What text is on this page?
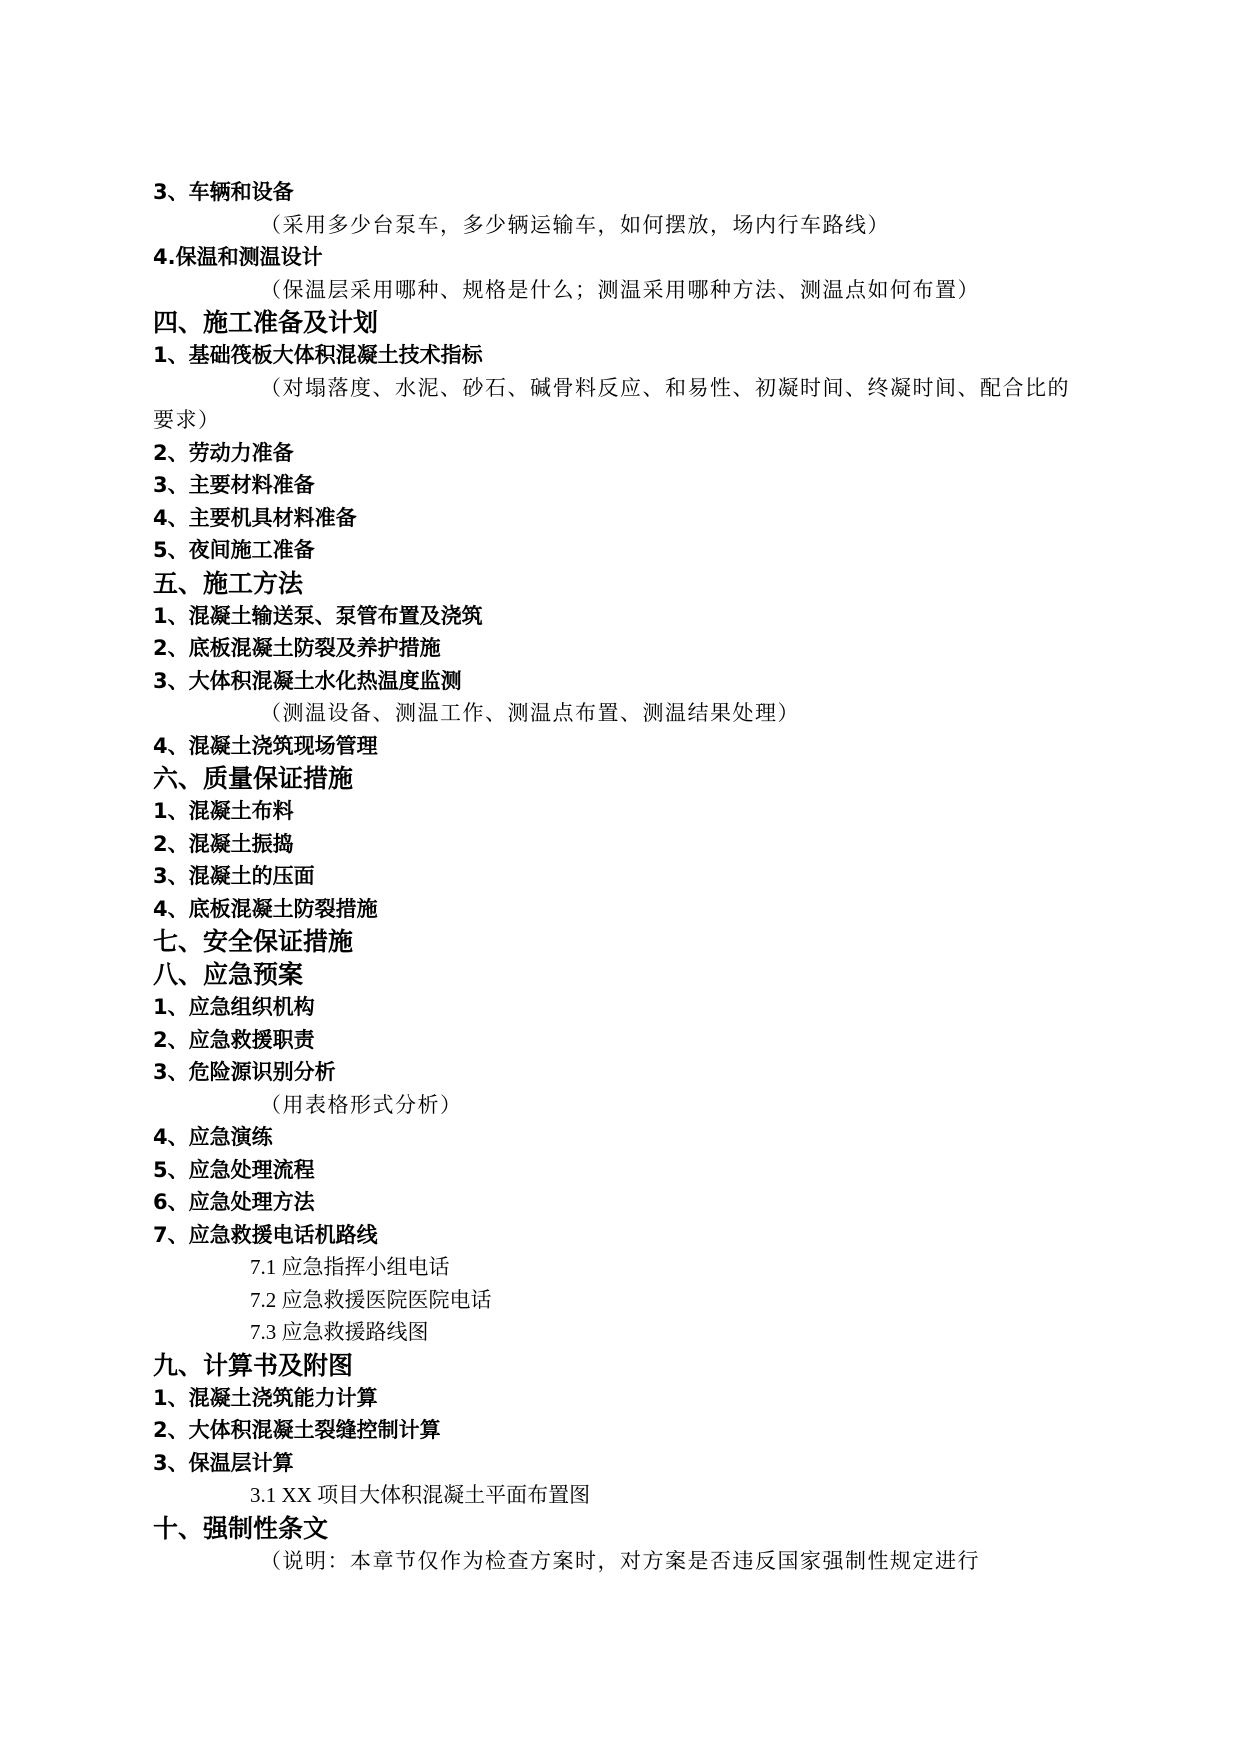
3、车辆和设备
（采用多少台泵车，多少辆运输车，如何摆放，场内行车路线）
4.保温和测温设计
（保温层采用哪种、规格是什么；测温采用哪种方法、测温点如何布置）
四、施工准备及计划
1、基础筏板大体积混凝土技术指标
（对塌落度、水泥、砂石、碱骨料反应、和易性、初凝时间、终凝时间、配合比的要求）
2、劳动力准备
3、主要材料准备
4、主要机具材料准备
5、夜间施工准备
五、施工方法
1、混凝土输送泵、泵管布置及浇筑
2、底板混凝土防裂及养护措施
3、大体积混凝土水化热温度监测
（测温设备、测温工作、测温点布置、测温结果处理）
4、混凝土浇筑现场管理
六、质量保证措施
1、混凝土布料
2、混凝土振捣
3、混凝土的压面
4、底板混凝土防裂措施
七、安全保证措施
八、应急预案
1、应急组织机构
2、应急救援职责
3、危险源识别分析
（用表格形式分析）
4、应急演练
5、应急处理流程
6、应急处理方法
7、应急救援电话机路线
7.1 应急指挥小组电话
7.2 应急救援医院医院电话
7.3 应急救援路线图
九、计算书及附图
1、混凝土浇筑能力计算
2、大体积混凝土裂缝控制计算
3、保温层计算
3.1 XX 项目大体积混凝土平面布置图
十、强制性条文
（说明：本章节仅作为检查方案时，对方案是否违反国家强制性规定进行
